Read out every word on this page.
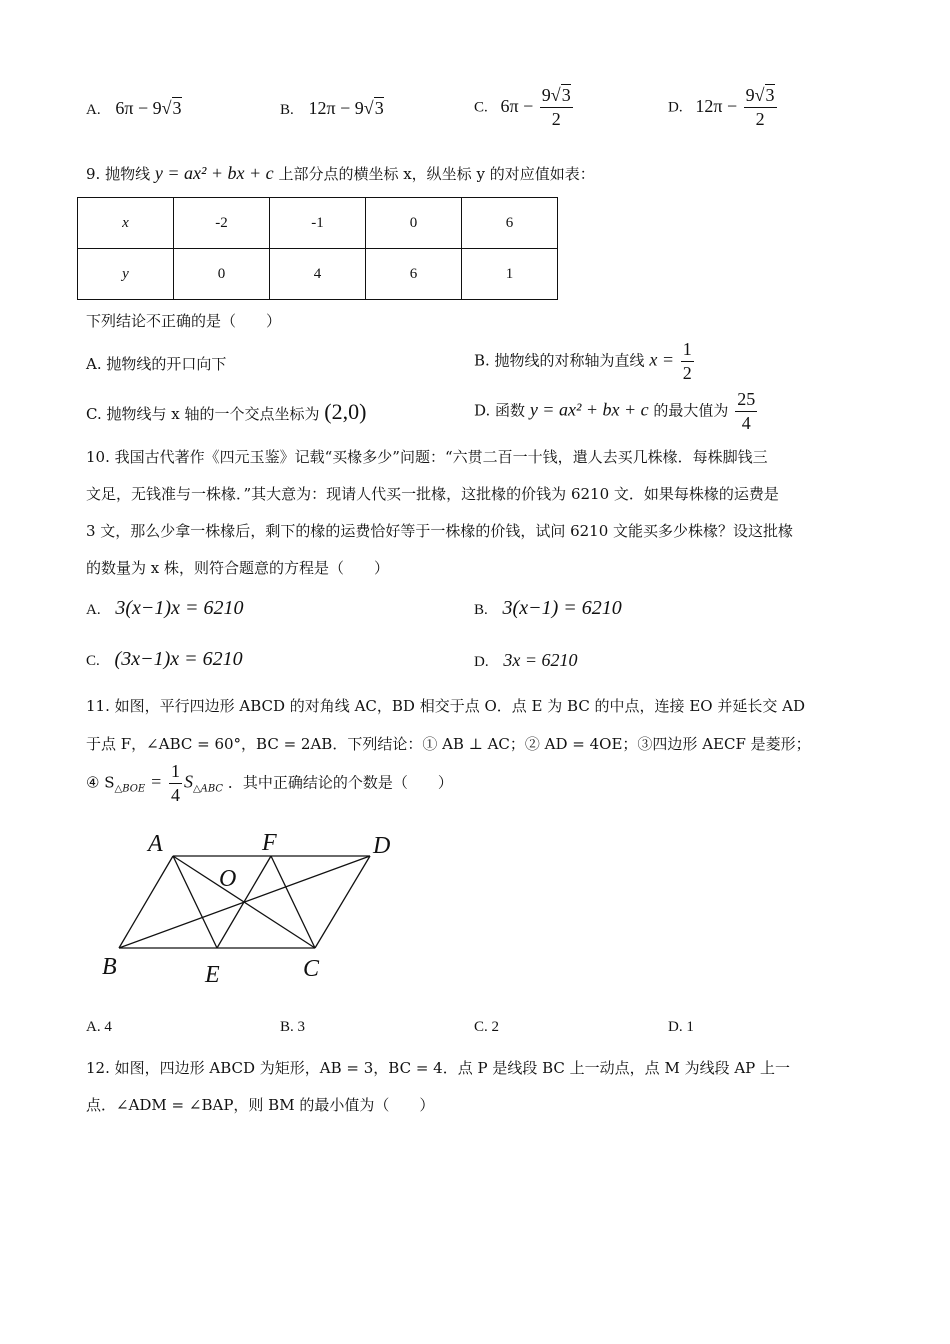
A. 6π − 9√3	B. 12π − 9√3	C. $6\pi - \frac{9√3}{2}$	D. $12\pi - \frac{9√3}{2}$
9. 抛物线 y = ax² + bx + c 上部分点的横坐标 x，纵坐标 y 的对应值如表：
x	-2	-1	0	6
y	0	4	6	1
下列结论不正确的是（　　）
A. 抛物线的开口向下	B. 抛物线的对称轴为直线 $x = \frac{1}{2}$
C. 抛物线与 x 轴的一个交点坐标为 (2,0)	D. 函数 y = ax² + bx + c 的最大值为 $\frac{25}{4}$
10. 我国古代著作《四元玉鉴》记载“买椽多少”问题：“六贯二百一十钱，遣人去买几株椽．每株脚钱三
文足，无钱准与一株椽．”其大意为：现请人代买一批椽，这批椽的价钱为 6210 文．如果每株椽的运费是
3 文，那么少拿一株椽后，剩下的椽的运费恰好等于一株椽的价钱，试问 6210 文能买多少株椽？设这批椽
的数量为 x 株，则符合题意的方程是（　　）
A. 3(x−1)x = 6210	B. 3(x−1) = 6210
C. (3x−1)x = 6210	D. 3x = 6210
11. 如图，平行四边形 ABCD 的对角线 AC，BD 相交于点 O．点 E 为 BC 的中点，连接 EO 并延长交 AD
于点 F，∠ABC = 60°，BC = 2AB．下列结论：① AB ⊥ AC；② AD = 4OE；③四边形 AECF 是菱形；
④ $S_{\triangle BOE} = \frac{1}{4} S_{\triangle ABC}$ ．其中正确结论的个数是（　　）
A	F	D
O
B	E	C
A. 4	B. 3	C. 2	D. 1
12. 如图，四边形 ABCD 为矩形，AB = 3，BC = 4．点 P 是线段 BC 上一动点，点 M 为线段 AP 上一
点．∠ADM = ∠BAP，则 BM 的最小值为（　　）
